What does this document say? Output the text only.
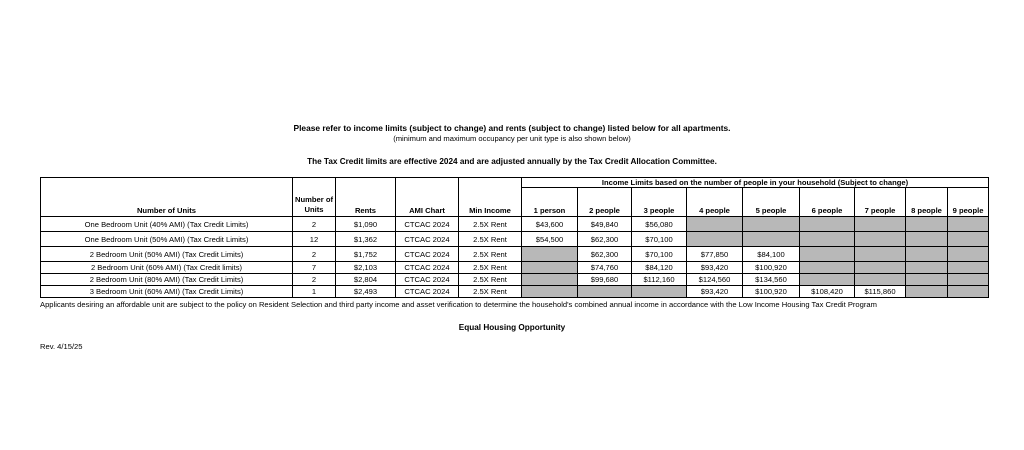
Please refer to income limits (subject to change) and rents (subject to change) listed below for all apartments.
(minimum and maximum occupancy per unit type is also shown below)
The Tax Credit limits are effective 2024 and are adjusted annually by the Tax Credit Allocation Committee.
Number of Units	Number of Units	Rents	AMI Chart	Min Income	Income Limits based on the number of people in your household (Subject to change)								
					1 person	2 people	3 people	4 people	5 people	6 people	7 people	8 people	9 people
One Bedroom Unit (40% AMI) (Tax Credit Limits)	2	$1,090	CTCAC 2024	2.5X Rent	$43,600	$49,840	$56,080						
One Bedroom Unit (50% AMI) (Tax Credit Limits)	12	$1,362	CTCAC 2024	2.5X Rent	$54,500	$62,300	$70,100						
2 Bedroom Unit (50% AMI) (Tax Credit Limits)	2	$1,752	CTCAC 2024	2.5X Rent		$62,300	$70,100	$77,850	$84,100				
2 Bedroom Unit (60% AMI) (Tax Credit limits)	7	$2,103	CTCAC 2024	2.5X Rent		$74,760	$84,120	$93,420	$100,920				
2 Bedroom Unit (80% AMI) (Tax Credit Limits)	2	$2,804	CTCAC 2024	2.5X Rent		$99,680	$112,160	$124,560	$134,560				
3 Bedroom Unit (60% AMI) (Tax Credit Limits)	1	$2,493	CTCAC 2024	2.5X Rent				$93,420	$100,920	$108,420	$115,860		
Applicants desiring an affordable unit are subject to the policy on Resident Selection and third party income and asset verification to determine the household's combined annual income in accordance with the Low Income Housing Tax Credit Program
Equal Housing Opportunity
Rev. 4/15/25
